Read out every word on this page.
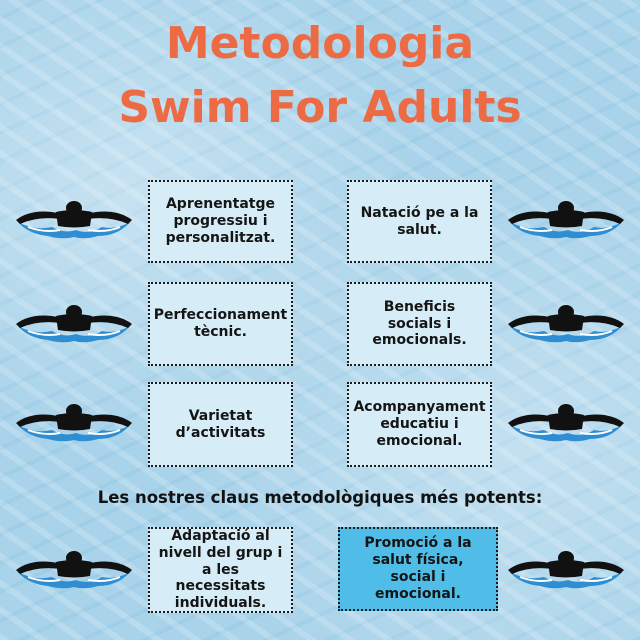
Metodologia
Swim For Adults
Aprenentatge progressiu i personalitzat.
Natació pe a la salut.
Perfeccionament tècnic.
Beneficis socials i emocionals.
Varietat d’activitats
Acompanyament educatiu i emocional.

Les nostres claus metodològiques més potents:

Adaptació al nivell del grup i a les necessitats individuals.
Promoció a la salut física, social i emocional.
